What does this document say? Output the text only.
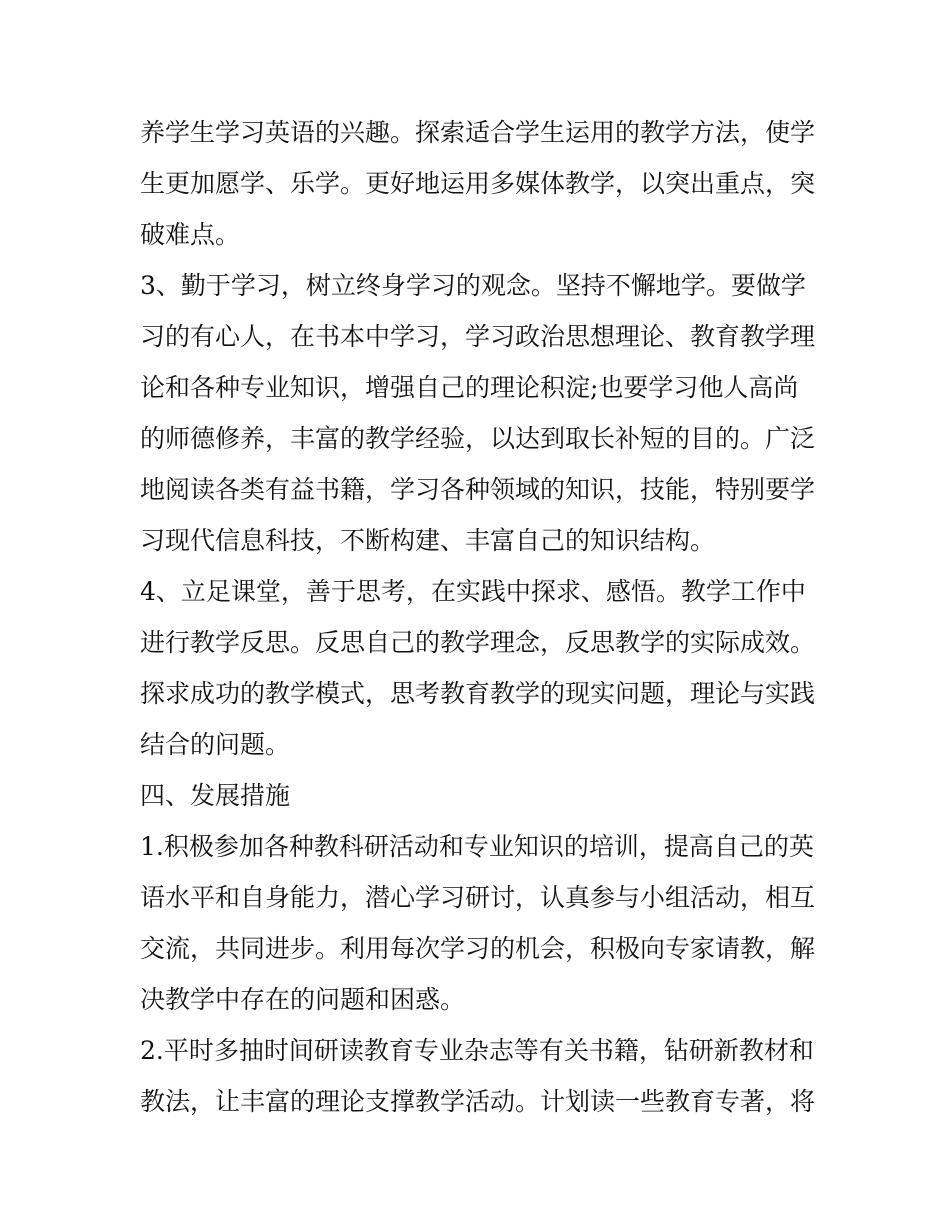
养学生学习英语的兴趣。探索适合学生运用的教学方法，使学
生更加愿学、乐学。更好地运用多媒体教学，以突出重点，突
破难点。
3、勤于学习，树立终身学习的观念。坚持不懈地学。要做学
习的有心人，在书本中学习，学习政治思想理论、教育教学理
论和各种专业知识，增强自己的理论积淀;也要学习他人高尚
的师德修养，丰富的教学经验，以达到取长补短的目的。广泛
地阅读各类有益书籍，学习各种领域的知识，技能，特别要学
习现代信息科技，不断构建、丰富自己的知识结构。
4、立足课堂，善于思考，在实践中探求、感悟。教学工作中
进行教学反思。反思自己的教学理念，反思教学的实际成效。
探求成功的教学模式，思考教育教学的现实问题，理论与实践
结合的问题。
四、发展措施
1.积极参加各种教科研活动和专业知识的培训，提高自己的英
语水平和自身能力，潜心学习研讨，认真参与小组活动，相互
交流，共同进步。利用每次学习的机会，积极向专家请教，解
决教学中存在的问题和困惑。
2.平时多抽时间研读教育专业杂志等有关书籍，钻研新教材和
教法，让丰富的理论支撑教学活动。计划读一些教育专著，将
